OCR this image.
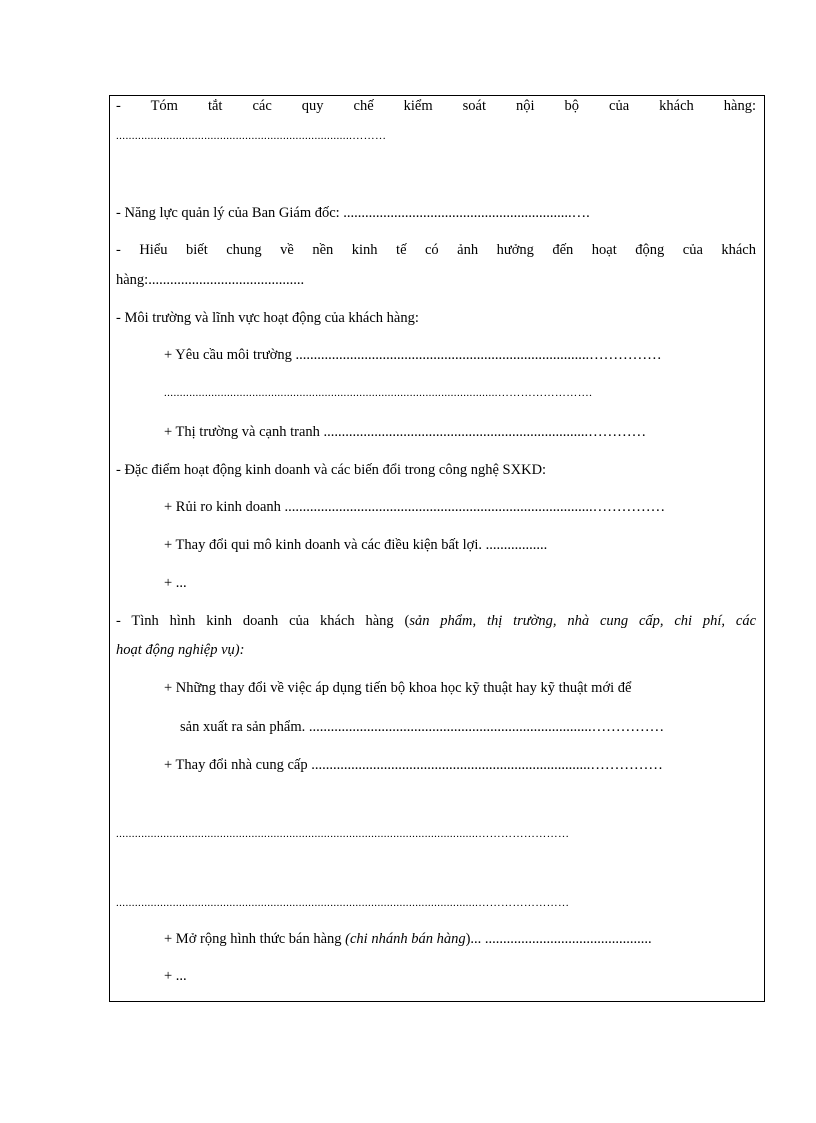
- Tóm tắt các quy chế kiểm soát nội bộ của khách hàng:

...........................................................................………

- Năng lực quản lý của Ban Giám đốc: ...............................................................….

- Hiểu biết chung về nền kinh tế có ảnh hưởng đến hoạt động của khách

hàng:...........................................

- Môi trường và lĩnh vực hoạt động của khách hàng:

+ Yêu cầu môi trường .................................................................................……………

..........................................................................................................…………………….

+ Thị trường và cạnh tranh .........................................................................…………

- Đặc điểm hoạt động kinh doanh và các biến đổi trong công nghệ SXKD:

+ Rủi ro kinh doanh .....................................................................................……………

+ Thay đổi qui mô kinh doanh và các điều kiện bất lợi. .................

+ ...

- Tình hình kinh doanh của khách hàng (sản phẩm, thị trường, nhà cung cấp, chi phí, các

hoạt động nghiệp vụ):

+ Những thay đổi về việc áp dụng tiến bộ khoa học kỹ thuật hay kỹ thuật mới để

sản xuất ra sản phẩm. ..............................................................................……………

+ Thay đổi nhà cung cấp .............................................................................……………

...................................................................................................................……………………

...................................................................................................................……………………

+ Mở rộng hình thức bán hàng (chi nhánh bán hàng)... ..............................................

+ ...
